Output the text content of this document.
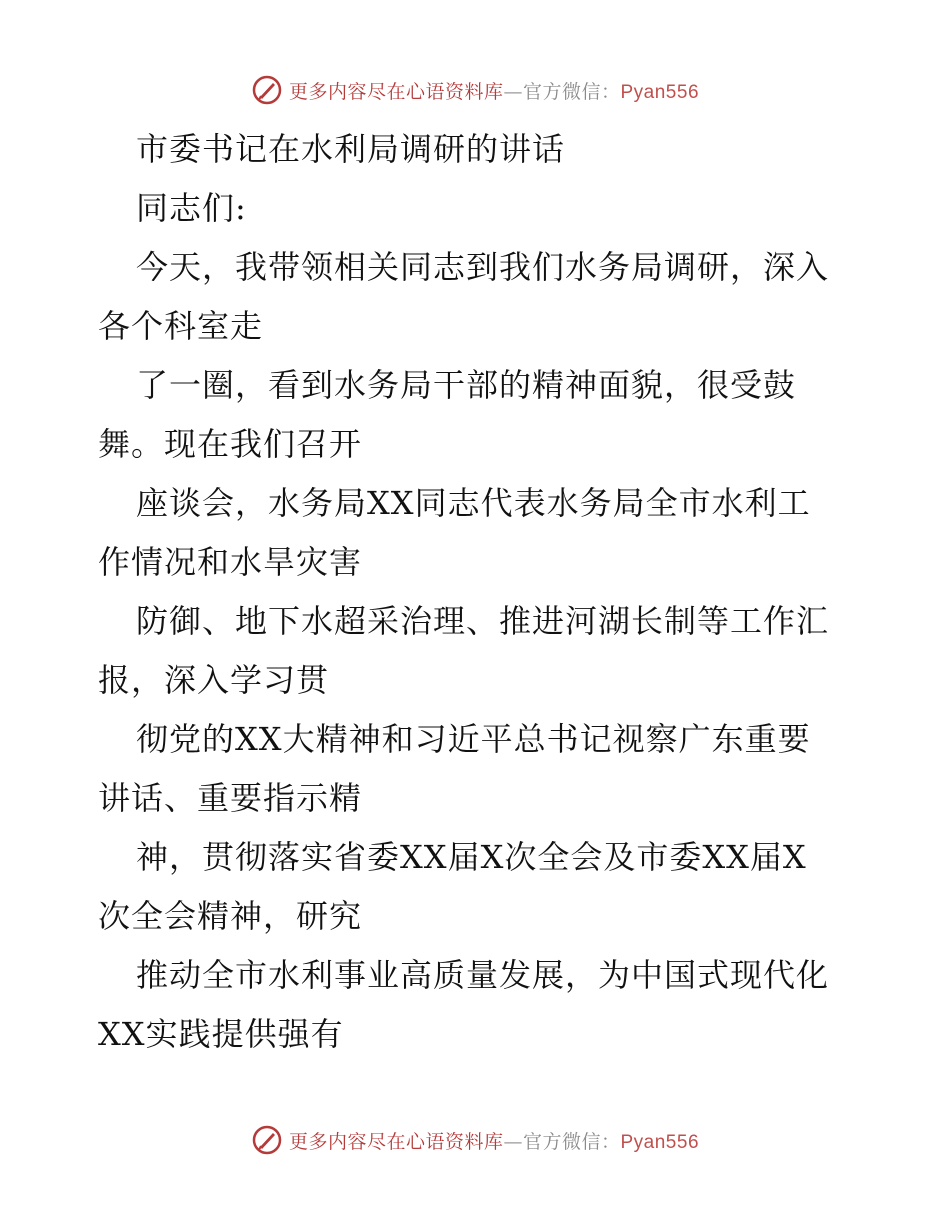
更多内容尽在心语资料库—官方微信：Pyan556
市委书记在水利局调研的讲话
同志们:
今天，我带领相关同志到我们水务局调研，深入
各个科室走
了一圈，看到水务局干部的精神面貌，很受鼓
舞。现在我们召开
座谈会，水务局XX同志代表水务局全市水利工
作情况和水旱灾害
防御、地下水超采治理、推进河湖长制等工作汇
报，深入学习贯
彻党的XX大精神和习近平总书记视察广东重要
讲话、重要指示精
神，贯彻落实省委XX届X次全会及市委XX届X
次全会精神，研究
推动全市水利事业高质量发展，为中国式现代化
XX实践提供强有
更多内容尽在心语资料库—官方微信：Pyan556
